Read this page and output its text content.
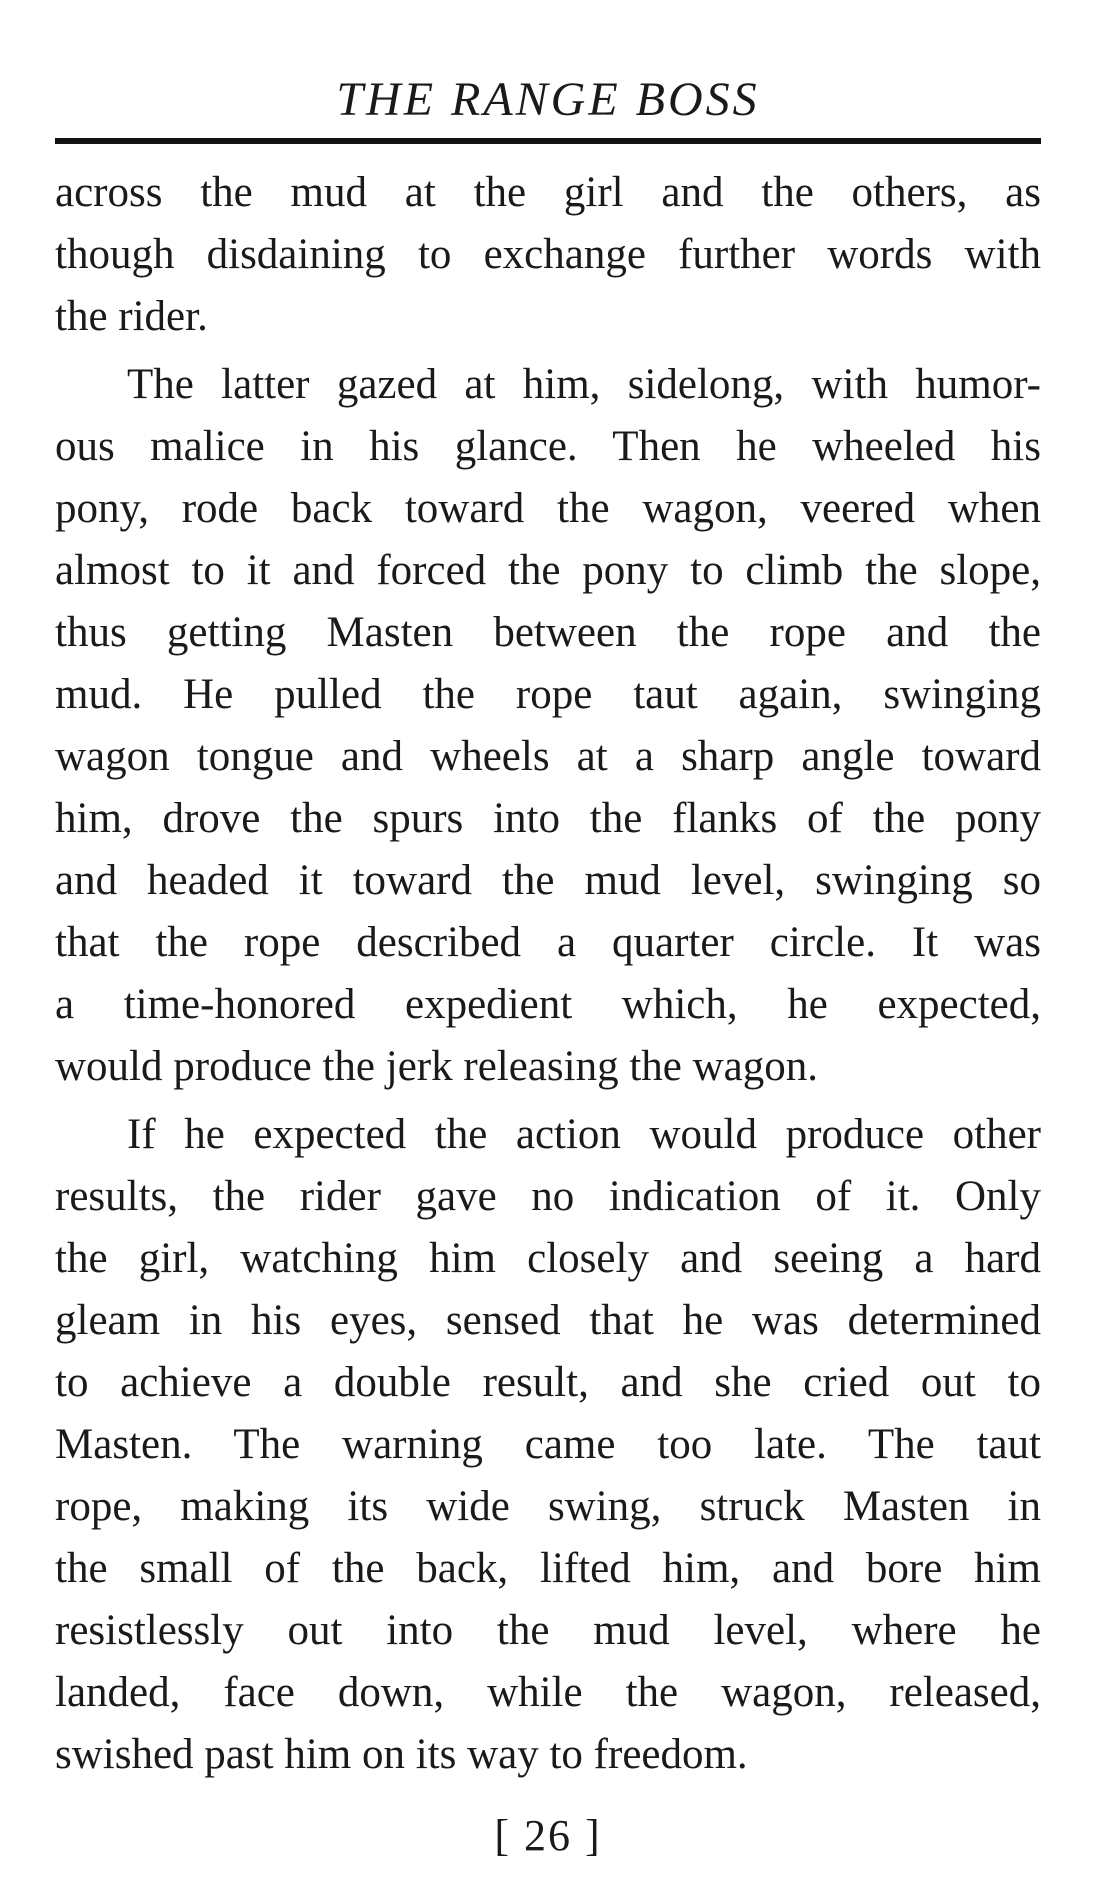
THE RANGE BOSS
across the mud at the girl and the others, as
though disdaining to exchange further words with
the rider.
The latter gazed at him, sidelong, with humor-
ous malice in his glance. Then he wheeled his
pony, rode back toward the wagon, veered when
almost to it and forced the pony to climb the slope,
thus getting Masten between the rope and the
mud. He pulled the rope taut again, swinging
wagon tongue and wheels at a sharp angle toward
him, drove the spurs into the flanks of the pony
and headed it toward the mud level, swinging so
that the rope described a quarter circle. It was
a time-honored expedient which, he expected,
would produce the jerk releasing the wagon.
If he expected the action would produce other
results, the rider gave no indication of it. Only
the girl, watching him closely and seeing a hard
gleam in his eyes, sensed that he was determined
to achieve a double result, and she cried out to
Masten. The warning came too late. The taut
rope, making its wide swing, struck Masten in
the small of the back, lifted him, and bore him
resistlessly out into the mud level, where he
landed, face down, while the wagon, released,
swished past him on its way to freedom.
[ 26 ]
